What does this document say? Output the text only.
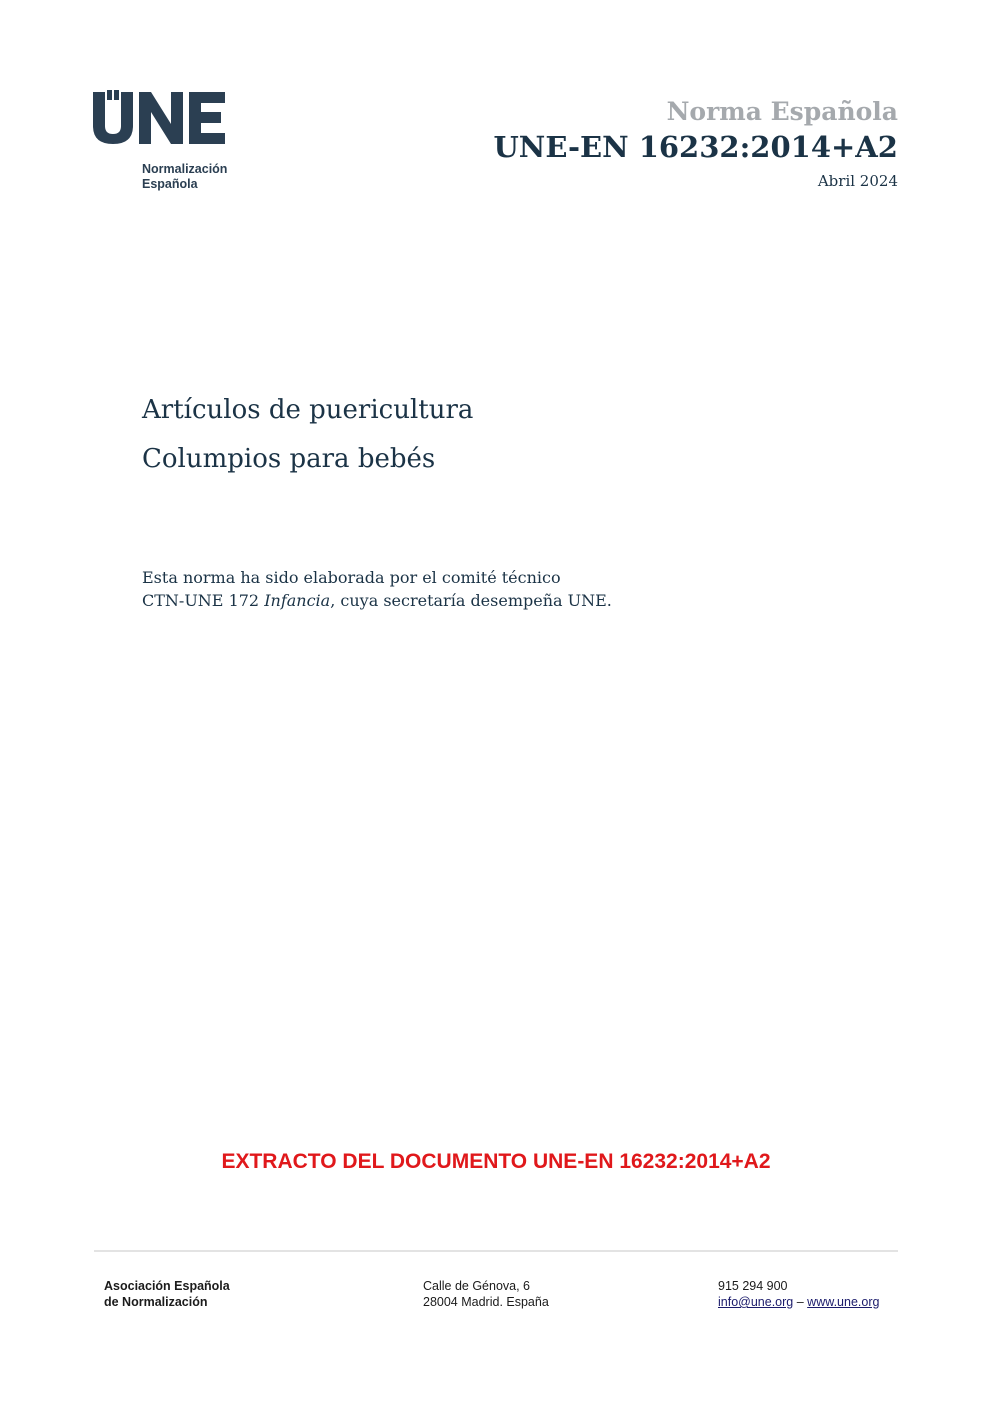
Normalización
Española
Norma Española
UNE-EN 16232:2014+A2
Abril 2024
Artículos de puericultura
Columpios para bebés
Esta norma ha sido elaborada por el comité técnico
CTN-UNE 172 Infancia, cuya secretaría desempeña UNE.
EXTRACTO DEL DOCUMENTO UNE-EN 16232:2014+A2
Asociación Española
de Normalización
Calle de Génova, 6
28004 Madrid. España
915 294 900
info@une.org – www.une.org
